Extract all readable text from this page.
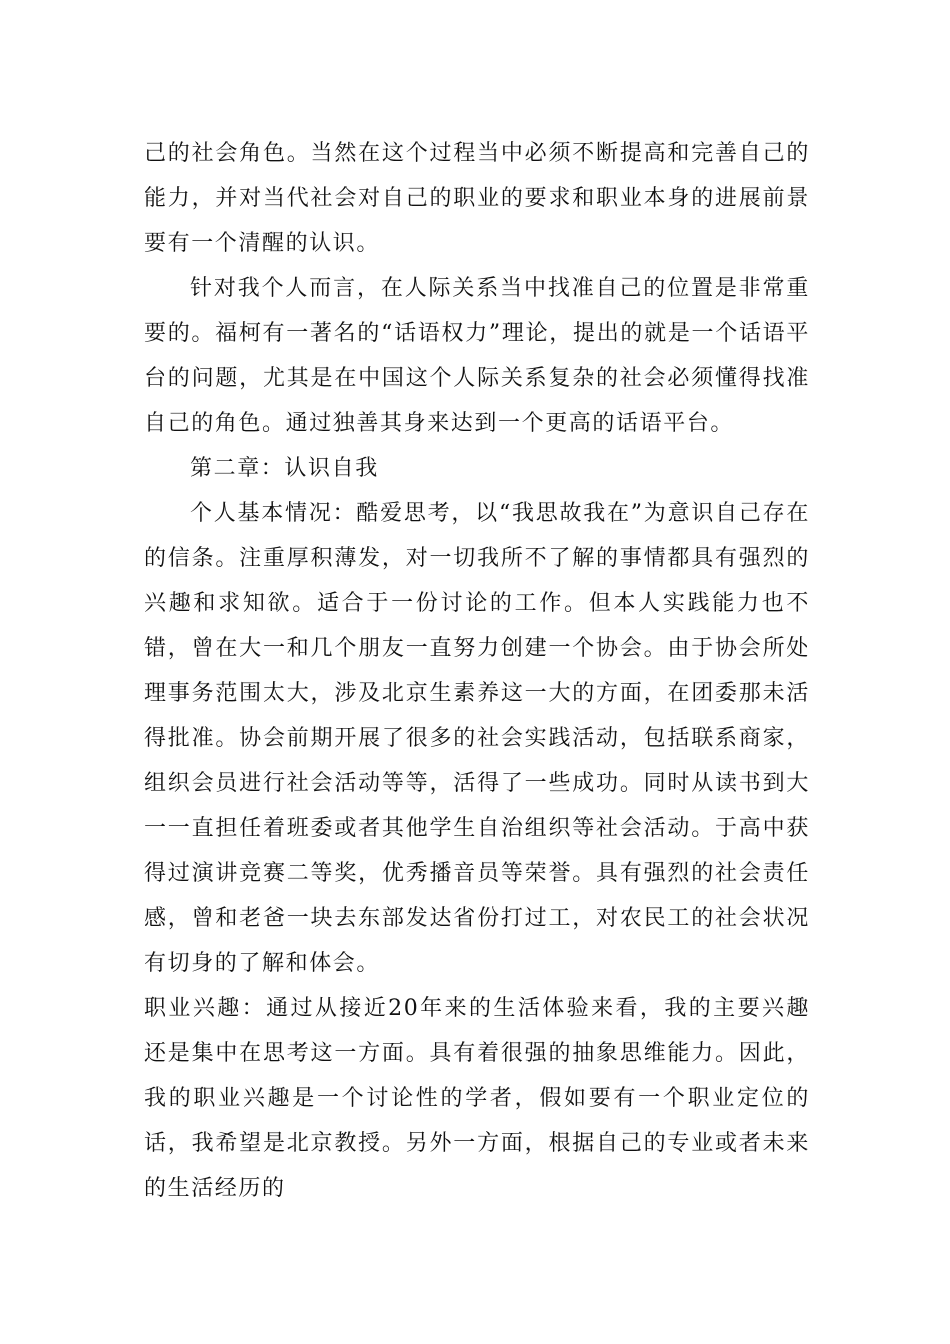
己的社会角色。当然在这个过程当中必须不断提高和完善自己的能力，并对当代社会对自己的职业的要求和职业本身的进展前景要有一个清醒的认识。

针对我个人而言，在人际关系当中找准自己的位置是非常重要的。福柯有一著名的“话语权力”理论，提出的就是一个话语平台的问题，尤其是在中国这个人际关系复杂的社会必须懂得找准自己的角色。通过独善其身来达到一个更高的话语平台。

第二章：认识自我

个人基本情况：酷爱思考，以“我思故我在”为意识自己存在的信条。注重厚积薄发，对一切我所不了解的事情都具有强烈的兴趣和求知欲。适合于一份讨论的工作。但本人实践能力也不错，曾在大一和几个朋友一直努力创建一个协会。由于协会所处理事务范围太大，涉及北京生素养这一大的方面，在团委那未活得批准。协会前期开展了很多的社会实践活动，包括联系商家，组织会员进行社会活动等等，活得了一些成功。同时从读书到大一一直担任着班委或者其他学生自治组织等社会活动。于高中获得过演讲竞赛二等奖，优秀播音员等荣誉。具有强烈的社会责任感，曾和老爸一块去东部发达省份打过工，对农民工的社会状况有切身的了解和体会。

职业兴趣：通过从接近20年来的生活体验来看，我的主要兴趣还是集中在思考这一方面。具有着很强的抽象思维能力。因此，我的职业兴趣是一个讨论性的学者，假如要有一个职业定位的话，我希望是北京教授。另外一方面，根据自己的专业或者未来的生活经历的
